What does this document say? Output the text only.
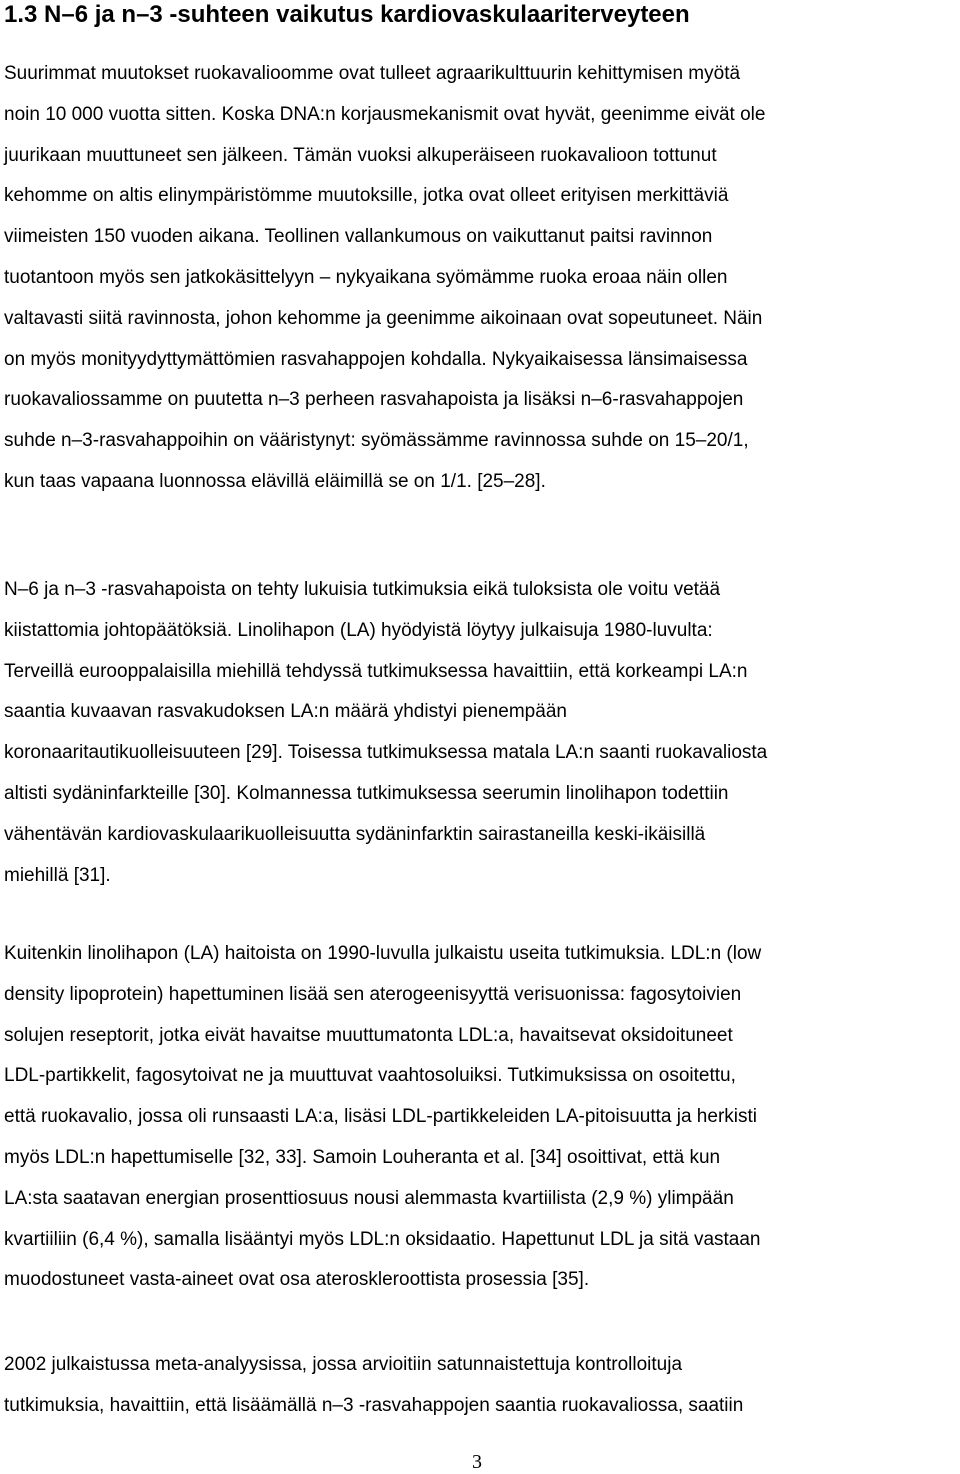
1.3 N–6 ja n–3 -suhteen vaikutus kardiovaskulaariterveyteen

Suurimmat muutokset ruokavalioomme ovat tulleet agraarikulttuurin kehittymisen myötä

noin 10 000 vuotta sitten. Koska DNA:n korjausmekanismit ovat hyvät, geenimme eivät ole

juurikaan muuttuneet sen jälkeen. Tämän vuoksi alkuperäiseen ruokavalioon tottunut

kehomme on altis elinympäristömme muutoksille, jotka ovat olleet erityisen merkittäviä

viimeisten 150 vuoden aikana. Teollinen vallankumous on vaikuttanut paitsi ravinnon

tuotantoon myös sen jatkokäsittelyyn – nykyaikana syömämme ruoka eroaa näin ollen

valtavasti siitä ravinnosta, johon kehomme ja geenimme aikoinaan ovat sopeutuneet. Näin

on myös monityydyttymättömien rasvahappojen kohdalla. Nykyaikaisessa länsimaisessa

ruokavaliossamme on puutetta n–3 perheen rasvahapoista ja lisäksi n–6-rasvahappojen

suhde n–3-rasvahappoihin on vääristynyt: syömässämme ravinnossa suhde on 15–20/1,

kun taas vapaana luonnossa elävillä eläimillä se on 1/1. [25–28].

N–6 ja n–3 -rasvahapoista on tehty lukuisia tutkimuksia eikä tuloksista ole voitu vetää

kiistattomia johtopäätöksiä. Linolihapon (LA) hyödyistä löytyy julkaisuja 1980-luvulta:

Terveillä eurooppalaisilla miehillä tehdyssä tutkimuksessa havaittiin, että korkeampi LA:n

saantia kuvaavan rasvakudoksen LA:n määrä yhdistyi pienempään

koronaaritautikuolleisuuteen [29]. Toisessa tutkimuksessa matala LA:n saanti ruokavaliosta

altisti sydäninfarkteille [30]. Kolmannessa tutkimuksessa seerumin linolihapon todettiin

vähentävän kardiovaskulaarikuolleisuutta sydäninfarktin sairastaneilla keski-ikäisillä

miehillä [31].

Kuitenkin linolihapon (LA) haitoista on 1990-luvulla julkaistu useita tutkimuksia. LDL:n (low

density lipoprotein) hapettuminen lisää sen aterogeenisyyttä verisuonissa: fagosytoivien

solujen reseptorit, jotka eivät havaitse muuttumatonta LDL:a, havaitsevat oksidoituneet

LDL-partikkelit, fagosytoivat ne ja muuttuvat vaahtosoluiksi. Tutkimuksissa on osoitettu,

että ruokavalio, jossa oli runsaasti LA:a, lisäsi LDL-partikkeleiden LA-pitoisuutta ja herkisti

myös LDL:n hapettumiselle [32, 33]. Samoin Louheranta et al. [34] osoittivat, että kun

LA:sta saatavan energian prosenttiosuus nousi alemmasta kvartiilista (2,9 %) ylimpään

kvartiiliin (6,4 %), samalla lisääntyi myös LDL:n oksidaatio. Hapettunut LDL ja sitä vastaan

muodostuneet vasta-aineet ovat osa ateroskleroottista prosessia [35].

2002 julkaistussa meta-analyysissa, jossa arvioitiin satunnaistettuja kontrolloituja

tutkimuksia, havaittiin, että lisäämällä n–3 -rasvahappojen saantia ruokavaliossa, saatiin

3
